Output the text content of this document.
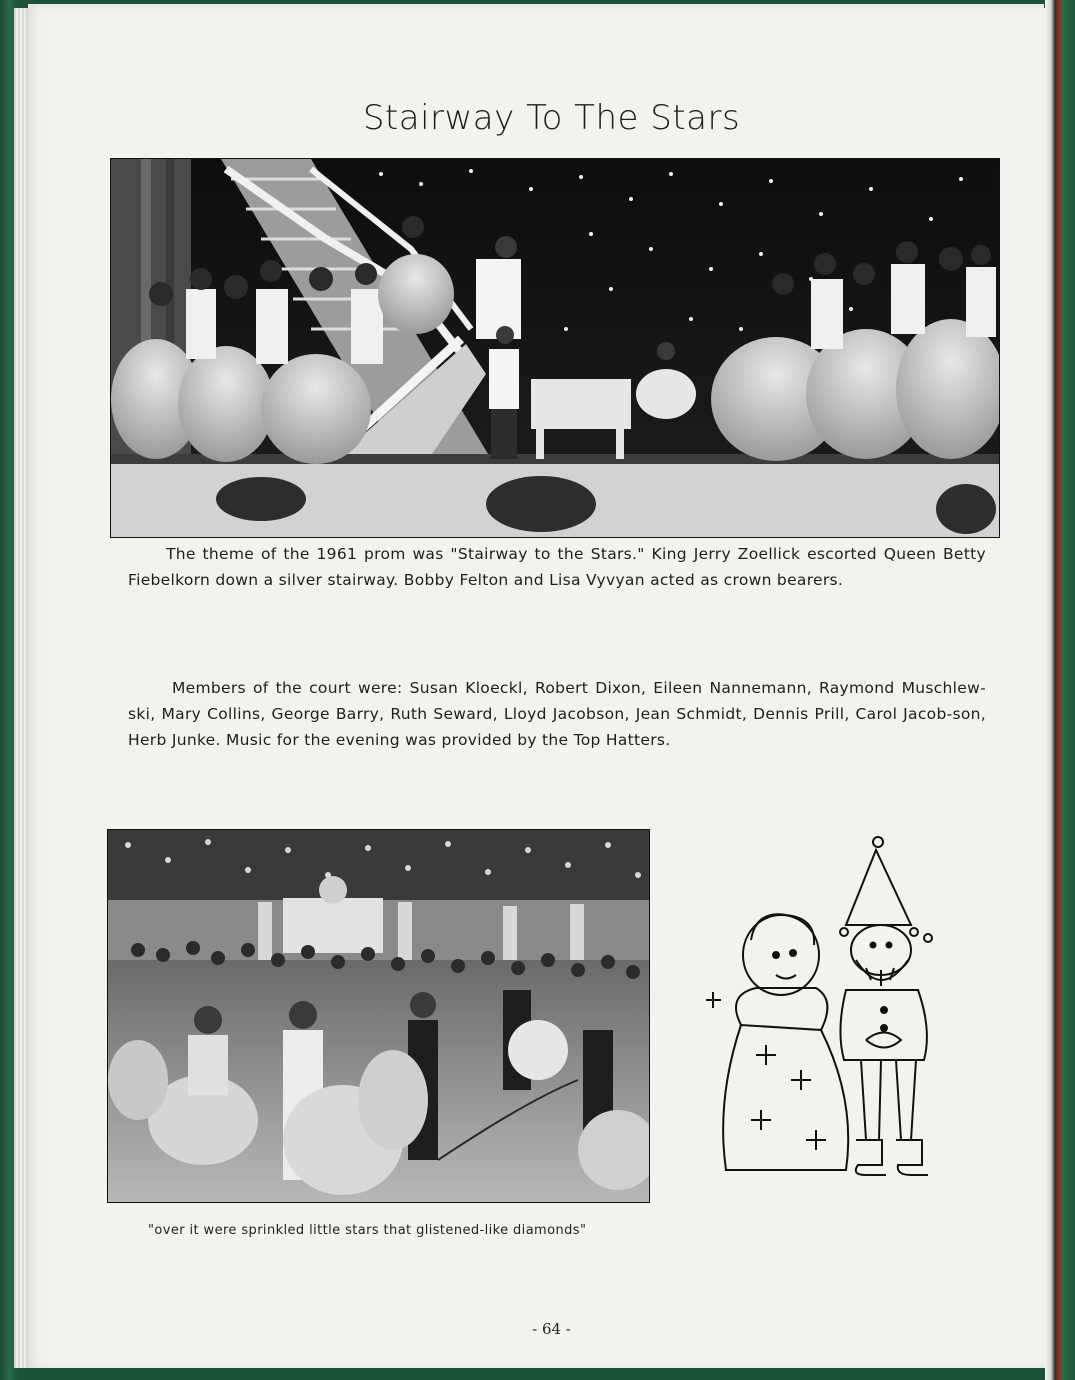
Stairway To The Stars
The theme of the 1961 prom was "Stairway to the Stars." King Jerry Zoellick escorted Queen Betty Fiebelkorn down a silver stairway. Bobby Felton and Lisa Vyvyan acted as crown bearers.
Members of the court were: Susan Kloeckl, Robert Dixon, Eileen Nannemann, Raymond Muschlew-ski, Mary Collins, George Barry, Ruth Seward, Lloyd Jacobson, Jean Schmidt, Dennis Prill, Carol Jacob-son, Herb Junke. Music for the evening was provided by the Top Hatters.
"over it were sprinkled little stars that glistened-like diamonds"
- 64 -
